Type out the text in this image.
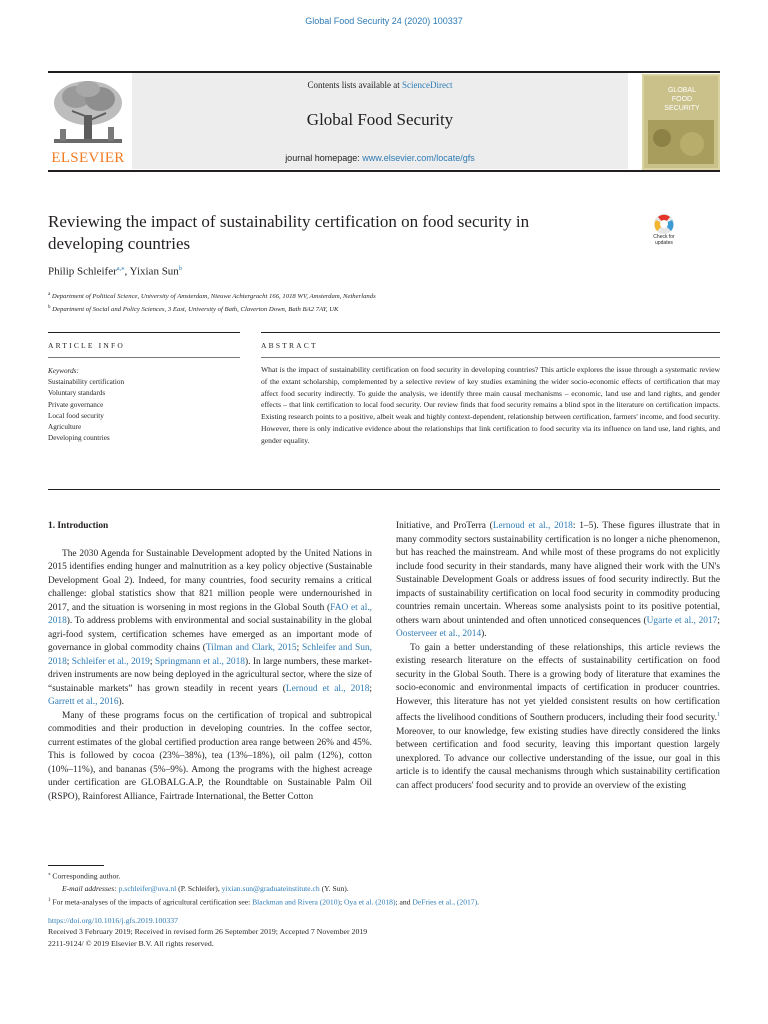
Global Food Security 24 (2020) 100337
ELSEVIER
Contents lists available at ScienceDirect
Global Food Security
journal homepage: www.elsevier.com/locate/gfs
GLOBAL
FOOD
SECURITY
Reviewing the impact of sustainability certification on food security in developing countries	Check for
updates
Philip Schleifer$^{a,⁎}$, Yixian Sun$^b$
$^a$ Department of Political Science, University of Amsterdam, Nieuwe Achtergracht 166, 1018 WV, Amsterdam, Netherlands
$^b$ Department of Social and Policy Sciences, 3 East, University of Bath, Claverton Down, Bath BA2 7AY, UK
ARTICLE INFO	ABSTRACT
Keywords:
Sustainability certification
Voluntary standards
Private governance
Local food security
Agriculture
Developing countries
What is the impact of sustainability certification on food security in developing countries? This article explores the issue through a systematic review of the extant scholarship, complemented by a selective review of key studies examining the wider socio-economic effects of certification that may affect food security indirectly. To guide the analysis, we identify three main causal mechanisms – economic, land use and land rights, and gender effects – that link certification to local food security. Our review finds that food security remains a blind spot in the literature on certification impacts. Existing research points to a positive, albeit weak and highly context-dependent, relationship between certification, farmers' income, and food security. However, there is only indicative evidence about the relationships that link certification to food security via its influence on land use, land rights, and gender equality.
1. Introduction

The 2030 Agenda for Sustainable Development adopted by the United Nations in 2015 identifies ending hunger and malnutrition as a key policy objective (Sustainable Development Goal 2). Indeed, for many countries, food security remains a critical challenge: global statistics show that 821 million people were undernourished in 2017, and the situation is worsening in most regions in the Global South (FAO et al., 2018). To address problems with environmental and social sustainability in the global agri-food system, certification schemes have emerged as an important mode of governance in global commodity chains (Tilman and Clark, 2015; Schleifer and Sun, 2018; Schleifer et al., 2019; Springmann et al., 2018). In large numbers, these market-driven instruments are now being deployed in the agricultural sector, where the size of “sustainable markets” has grown steadily in recent years (Lernoud et al., 2018; Garrett et al., 2016).

Many of these programs focus on the certification of tropical and subtropical commodities and their production in developing countries. In the coffee sector, current estimates of the global certified production area range between 26% and 45%. This is followed by cocoa (23%–38%), tea (13%–18%), oil palm (12%), cotton (10%–11%), and bananas (5%–9%). Among the programs with the highest acreage under certification are GLOBALG.A.P, the Roundtable on Sustainable Palm Oil (RSPO), Rainforest Alliance, Fairtrade International, the Better Cotton

Initiative, and ProTerra (Lernoud et al., 2018: 1–5). These figures illustrate that in many commodity sectors sustainability certification is no longer a niche phenomenon, but has reached the mainstream. And while most of these programs do not explicitly include food security in their standards, many have aligned their work with the UN's Sustainable Development Goals or address issues of food security indirectly. But the impacts of sustainability certification on local food security in commodity producing countries remain uncertain. Whereas some analysists point to its positive potential, others warn about unintended and often unnoticed consequences (Ugarte et al., 2017; Oosterveer et al., 2014).

To gain a better understanding of these relationships, this article reviews the existing research literature on the effects of sustainability certification on food security in the Global South. There is a growing body of literature that examines the socio-economic and environmental impacts of certification in producer countries. However, this literature has not yet yielded consistent results on how certification affects the livelihood conditions of Southern producers, including their food security.$^1$ Moreover, to our knowledge, few existing studies have directly considered the links between certification and food security, leaving this important question largely unexplored. To advance our collective understanding of the issue, our goal in this article is to identify the causal mechanisms through which sustainability certification can affect producers' food security and to provide an overview of the existing

⁎ Corresponding author.
E-mail addresses: p.schleifer@uva.nl (P. Schleifer), yixian.sun@graduateinstitute.ch (Y. Sun).
$^1$ For meta-analyses of the impacts of agricultural certification see: Blackman and Rivera (2010); Oya et al. (2018); and DeFries et al., (2017).
https://doi.org/10.1016/j.gfs.2019.100337
Received 3 February 2019; Received in revised form 26 September 2019; Accepted 7 November 2019
2211-9124/ © 2019 Elsevier B.V. All rights reserved.
